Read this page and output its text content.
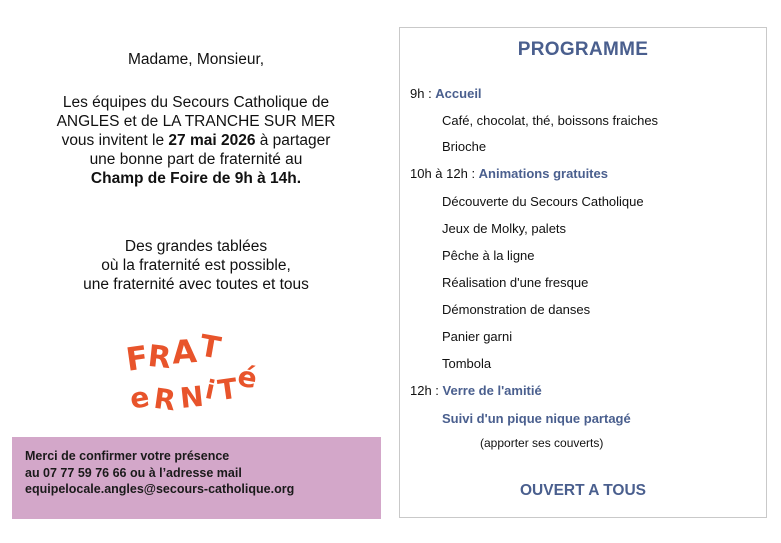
Madame, Monsieur,
Les équipes du Secours Catholique de
ANGLES et de LA TRANCHE SUR MER
vous invitent le 27 mai 2026 à partager
une bonne part de fraternité au
Champ de Foire de 9h à 14h.
Des grandes tablées
où la fraternité est possible,
une fraternité avec toutes et tous
F
R
A T
e R N
i
T
é
Merci de confirmer votre présence
au 07 77 59 76 66 ou à l’adresse mail
equipelocale.angles@secours-catholique.org
PROGRAMME
9h : Accueil
Café, chocolat, thé, boissons fraiches
Brioche
10h à 12h : Animations gratuites
Découverte du Secours Catholique
Jeux de Molky, palets
Pêche à la ligne
Réalisation d'une fresque
Démonstration de danses
Panier garni
Tombola
12h : Verre de l'amitié
Suivi d'un pique nique partagé
(apporter ses couverts)
OUVERT A TOUS
